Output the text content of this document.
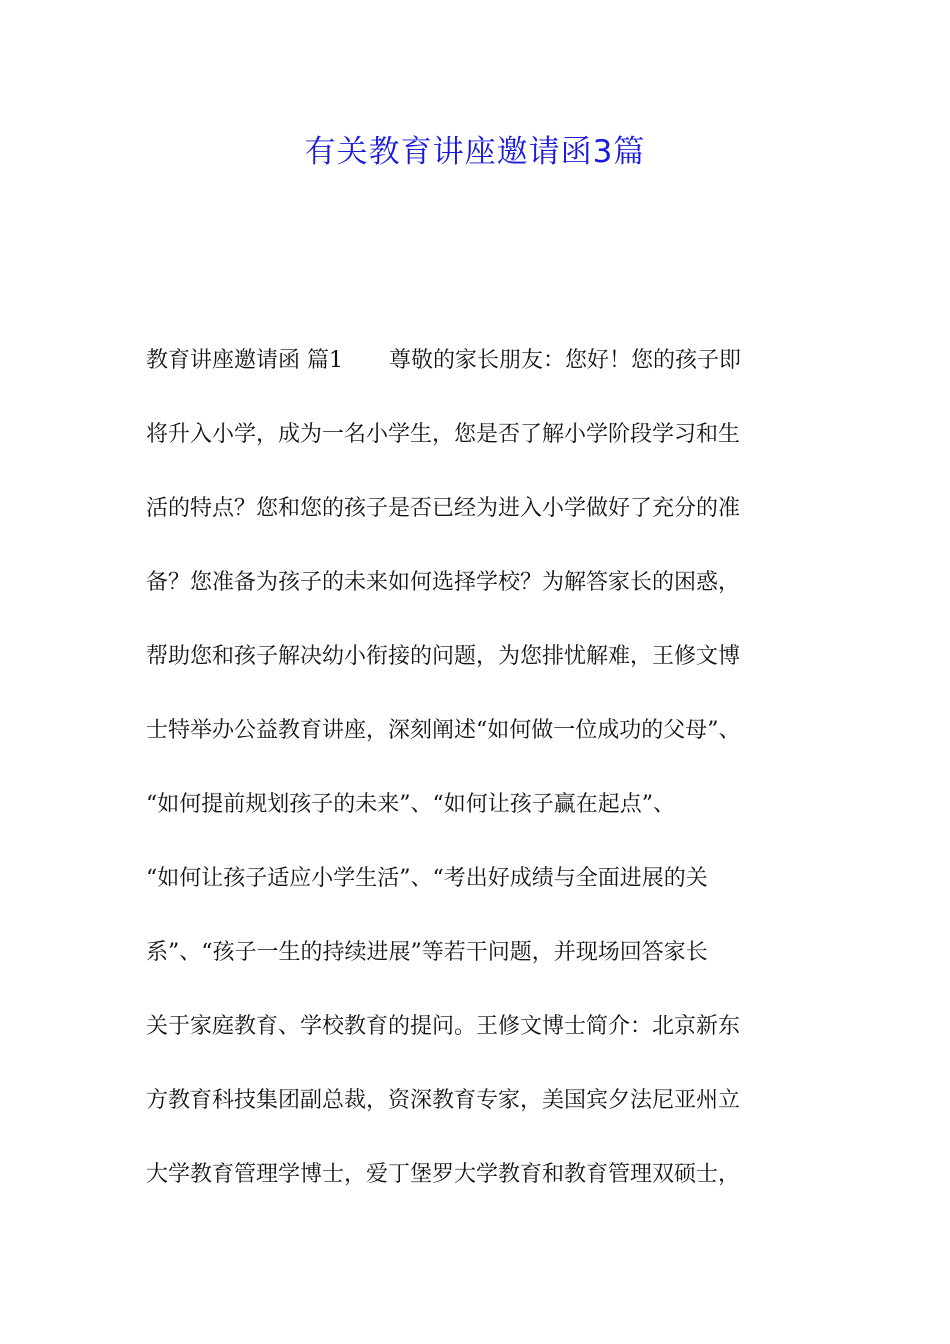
有关教育讲座邀请函3篇
教育讲座邀请函 篇1 尊敬的家长朋友：您好！您的孩子即
将升入小学，成为一名小学生，您是否了解小学阶段学习和生
活的特点？您和您的孩子是否已经为进入小学做好了充分的准
备？您准备为孩子的未来如何选择学校？为解答家长的困惑，
帮助您和孩子解决幼小衔接的问题，为您排忧解难，王修文博
士特举办公益教育讲座，深刻阐述“如何做一位成功的父母”、
“如何提前规划孩子的未来”、“如何让孩子赢在起点”、
“如何让孩子适应小学生活”、“考出好成绩与全面进展的关
系”、“孩子一生的持续进展”等若干问题，并现场回答家长
关于家庭教育、学校教育的提问。王修文博士简介：北京新东
方教育科技集团副总裁，资深教育专家，美国宾夕法尼亚州立
大学教育管理学博士，爱丁堡罗大学教育和教育管理双硕士，
